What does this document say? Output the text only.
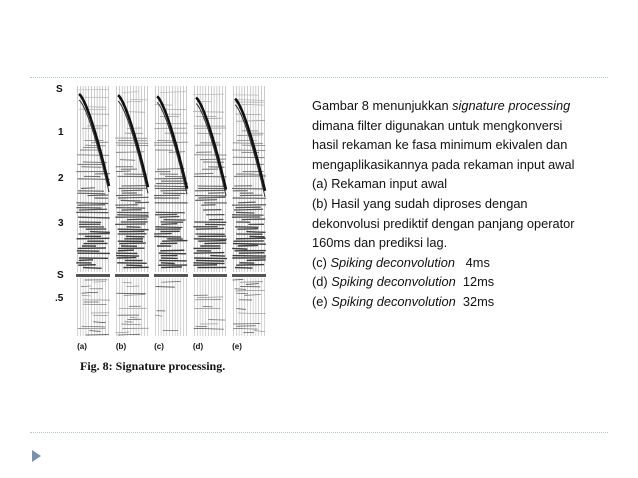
S
1
2
3
S
.5
(a)	(b)	(c)	(d)	(e)
Fig. 8: Signature processing.
Gambar 8 menunjukkan signature processing
dimana filter digunakan untuk mengkonversi
hasil rekaman ke fasa minimum ekivalen dan
mengaplikasikannya pada rekaman input awal
(a) Rekaman input awal
(b) Hasil yang sudah diproses dengan
dekonvolusi prediktif dengan panjang operator
160ms dan prediksi lag.
(c) Spiking deconvolution   4ms
(d) Spiking deconvolution  12ms
(e) Spiking deconvolution  32ms
